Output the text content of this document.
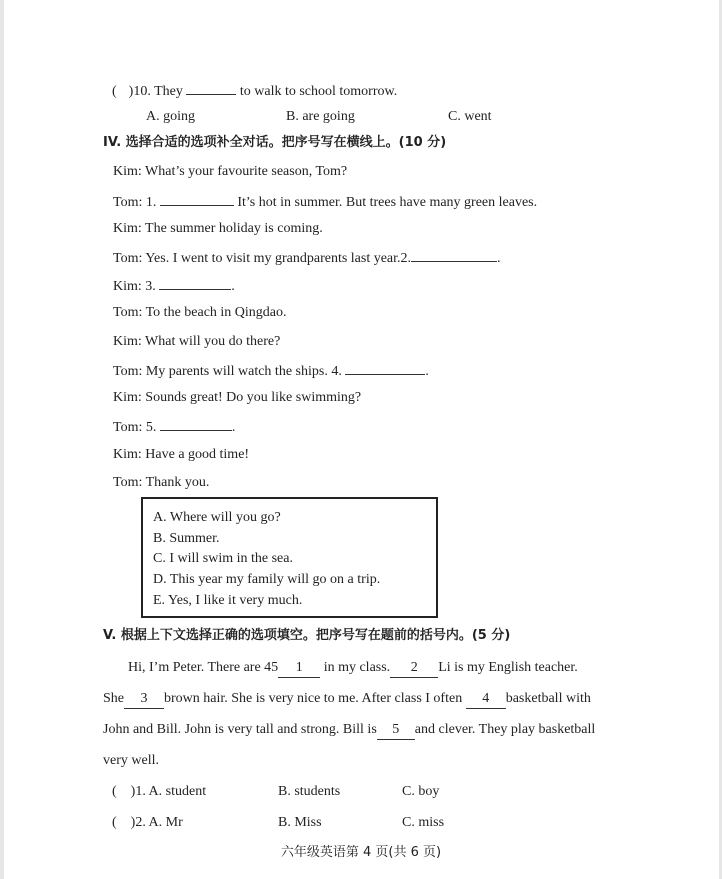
( )10. They	to walk to school tomorrow.
A. going	B. are going	C. went
IV. 选择合适的选项补全对话。把序号写在横线上。(10 分)
Kim: What’s your favourite season, Tom?
Tom: 1.	It’s hot in summer. But trees have many green leaves.
Kim: The summer holiday is coming.
Tom: Yes. I went to visit my grandparents last year.2.	.
Kim: 3.	.
Tom: To the beach in Qingdao.
Kim: What will you do there?
Tom: My parents will watch the ships. 4.	.
Kim: Sounds great! Do you like swimming?
Tom: 5.	.
Kim: Have a good time!
Tom: Thank you.
A. Where will you go?
B. Summer.
C. I will swim in the sea.
D. This year my family will go on a trip.
E. Yes, I like it very much.
V. 根据上下文选择正确的选项填空。把序号写在题前的括号内。(5 分)
Hi, I’m Peter. There are 45 1 in my class. 2 Li is my English teacher.
She 3 brown hair. She is very nice to me. After class I often 4 basketball with
John and Bill. John is very tall and strong. Bill is 5 and clever. They play basketball
very well.
( )1. A. student	B. students	C. boy
( )2. A. Mr	B. Miss	C. miss
六年级英语第 4 页(共 6 页)
